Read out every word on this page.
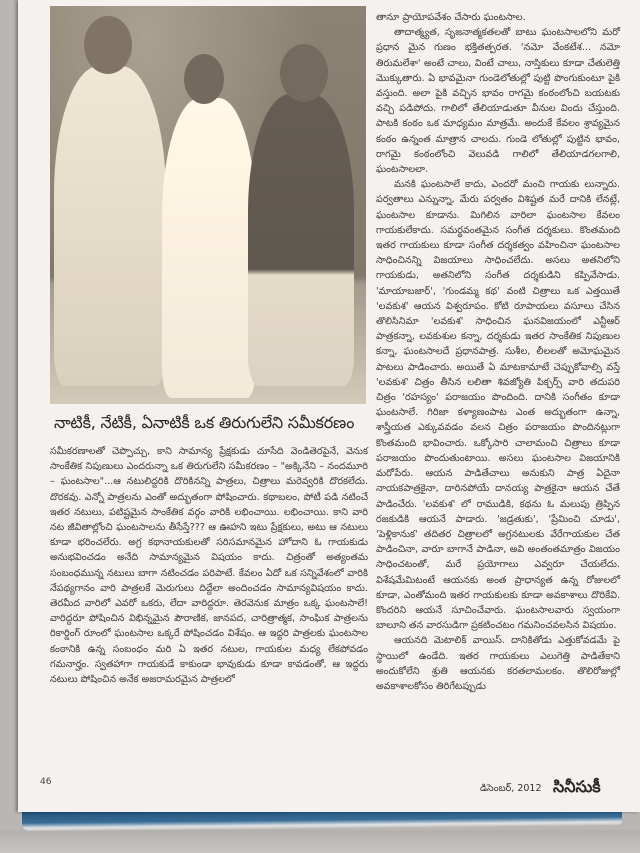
నాటికీ, నేటికీ, ఏనాటికీ ఒక తిరుగులేని సమీకరణం

సమీకరణాలతో చెప్పొచ్చు, కాని సామాన్య ప్రేక్షకుడు చూసేది వెండితెరపైనే, వెనుక సాంకేతిక నిపుణులు ఎందరున్నా ఒక తిరుగులేని సమీకరణం – "అక్కినేని – నందమూరి – ఘంటసాల"...ఆ నటులిద్దరికి దొరికినన్ని పాత్రలు, చిత్రాలు మరెవ్వరికి దొరకలేదు. దొరకవు. ఎన్నో పాత్రలను ఎంతో అద్భుతంగా పోషించారు. కథాబలం, పోటీ పడి నటించే ఇతర నటులు, పటిష్టమైన సాంకేతిక వర్గం వారికి లభించాయి. లభించాయి. కాని వారి నట జీవితాల్లోంచి ఘంటసాలను తీసేస్తే??? ఆ ఊహని ఇటు ప్రేక్షకులు, అటు ఆ నటులు కూడా భరించలేరు. అగ్ర కథానాయకులతో సరిసమానమైన హోదాని ఓ గాయకుడు అనుభవించడం అనేది సామాన్యమైన విషయం కాదు. చిత్రంతో అత్యంతమ సంబంధమున్న నటులు బాగా నటించడం పరిపాటే. కేవలం ఏదో ఒక సన్నివేశంలో వారికి నేపథ్యగానం వారి పాత్రలకే మెరుగులు దిద్దేలా అందించడం సామాన్యవిషయం కాదు. తెరమీద వారిలో ఎవరో ఒకరు, లేదా వారిద్దరూ. తెరవెనుక మాత్రం ఒక్క ఘంటసాలే! వారిద్దరూ పోషించిన విభిన్నమైన పౌరాణిక, జానపద, చారిత్రాత్మక, సాంఘిక పాత్రలను రికార్డింగ్ రూంలో ఘంటసాల ఒక్కరే పోషించడం విశేషం. ఆ ఇద్దరి పాత్రలకు ఘంటసాల కంఠానికి ఉన్న సంబంధం మరి ఏ ఇతర నటుల, గాయకుల మధ్య లేకపోవడం గమనార్హం. స్వతహాగా గాయకుడే కాకుండా భావుకుడు కూడా కావడంతో, ఆ ఇద్దరు నటులు పోషించిన అనేక అజరామరమైన పాత్రలలో

తానూ ప్రాయోపవేశం చేసారు ఘంటసాల.

తాదాత్మ్యత, సృజనాత్మకతలతో బాటు ఘంటసాలలోని మరో ప్రధాన మైన గుణం భక్తితత్పరత. 'నమో వేంకటేశ... నమో తిరుమలేశా' అంటే చాలు, వింటే చాలు, నాస్తికులు కూడా చేతులెత్తి మొక్కుతారు. ఏ భావమైనా గుండెలోతుల్లో పుట్టి పొంగుకుంటూ పైకి వస్తుంది. అలా పైకి వచ్చిన భావం రాగమై కంఠంలోంచి బయటకు వచ్చి పడిపోదు. గాలిలో తేలియాడుతూ వీనుల విందు చేస్తుంది. పాటకి కంఠం ఒక మాధ్యమం మాత్రమే. అందుకే కేవలం శ్రావ్యమైన కంఠం ఉన్నంత మాత్రాన చాలదు. గుండె లోతుల్లో పుట్టిన భావం, రాగమై కంఠంలోంచి వెలువడి గాలిలో తేలియాడగలగాలి, ఘంటసాలలా.

మనకి ఘంటసాలే కాదు, ఎందరో మంచి గాయకు లున్నారు. పర్వతాలు ఎన్నున్నా, మేరు పర్వతం విశిష్టత మరే దానికి లేనట్లే, ఘంటసాల కూడాను. మిగిలిన వారిలా ఘంటసాల కేవలం గాయకులేకాదు. సమర్థవంతమైన సంగీత దర్శకులు. కొంతమంది ఇతర గాయకులు కూడా సంగీత దర్శకత్వం వహించినా ఘంటసాల సాధించినన్ని విజయాలు సాధించలేదు. అసలు అతనిలోని గాయకుడు, అతనిలోని సంగీత దర్శకుడిని కప్పివేసాడు. 'మాయాబజార్', 'గుండమ్మ కథ' వంటి చిత్రాలు ఒక ఎత్తయితే 'లవకుశ' ఆయన విశ్వరూపం. కోటి రూపాయలు వసూలు చేసిన తొలిసినిమా 'లవకుశ' సాధించిన ఘనవిజయంలో ఎన్టీఆర్ పాత్రకన్నా, లవకుశుల కన్నా, దర్శకుడు ఇతర సాంకేతిక నిపుణుల కన్నా, ఘంటసాలదే ప్రధానపాత్ర. సుశీల, లీలలతో అమోఘమైన పాటలు పాడించారు. అయితే ఏ మాటకామాటే చెప్పుకోవాల్సి వస్తే 'లవకుశ' చిత్రం తీసిన లలితా శివజ్యోతి పిక్చర్స్ వారి తదుపరి చిత్రం 'రహస్యం' పరాజయం పొందింది. దానికి సంగీతం కూడా ఘంటసాలే. గిరిజా కళ్యాణంపాట ఎంత అద్భుతంగా ఉన్నా, శాస్త్రీయత ఎక్కువవడం వలన చిత్రం పరాజయం పొందినట్లుగా కొంతమంది భావించారు. ఒక్కోసారి చాలామంచి చిత్రాలు కూడా పరాజయం పొందుతుంటాయి. అసలు ఘంటసాల విజయానికి మరోపేరు. ఆయన పాడితేచాలు అనుకుని పాత్ర ఏదైనా నాయకపాత్రకైనా, దారినపోయే దానయ్య పాత్రకైనా ఆయన చేతే పాడించేరు. 'లవకుశ' లో రాముడికి, కథను ఓ మలుపు త్రిప్పిన రజకుడికి ఆయనే పాడారు. 'జడ్రతుకు', 'ప్రేమించి చూడు', 'పెళ్లికానుక' తదితర చిత్రాలలో అగ్రనటులకు వేరేగాయకుల చేత పాడించినా, వారూ బాగానే పాడినా, అవి అంతంతమాత్రం విజయం సాధించటంతో, మరే ప్రయోగాలు ఎవ్వరూ చేయలేదు. విశేషమేమిటంటే ఆయనకు అంత ప్రాధాన్యత ఉన్న రోజులలో కూడా, ఎంతోమంది ఇతర గాయకులకు కూడా అవకాశాలు దొరికేవి. కొందరిని ఆయనే సూచించేవారు. ఘంటసాలవారు స్వయంగా బాలూని తన వారసుడిగా ప్రకటించటం గమనించవలసిన విషయం.

ఆయనది మెటాలిక్ వాయిస్. దానికితోడు ఎత్తుకోవడమే పై స్థాయిలో ఉండేది. ఇతర గాయకులు ఎలుగెత్తి పాడితేకాని అందుకోలేని శ్రుతి ఆయనకు కరతలామలకం. తొలిరోజుల్లో అవకాశాలకోసం తిరిగేటప్పుడు

46
డిసెంబర్, 2012 సినీసుకీ
